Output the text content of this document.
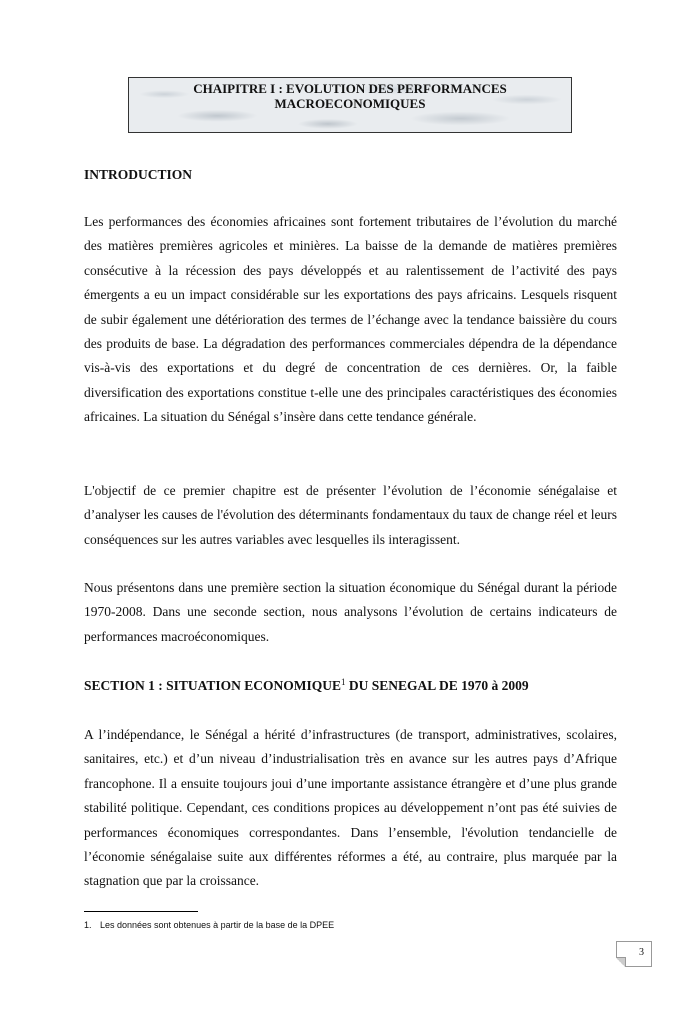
CHAIPITRE I : EVOLUTION DES PERFORMANCES
MACROECONOMIQUES
INTRODUCTION

Les performances des économies africaines sont fortement tributaires de l’évolution du marché des matières premières agricoles et minières. La baisse de la demande de matières premières consécutive à la récession des pays développés et au ralentissement de l’activité des pays émergents a eu un impact considérable sur les exportations des pays africains. Lesquels risquent de subir également une détérioration des termes de l’échange avec la tendance baissière du cours des produits de base. La dégradation des performances commerciales dépendra de la dépendance vis-à-vis des exportations et du degré de concentration de ces dernières. Or, la faible diversification des exportations constitue t-elle une des principales caractéristiques des économies africaines. La situation du Sénégal s’insère dans cette tendance générale.

L'objectif de ce premier chapitre est de présenter l’évolution de l’économie sénégalaise et d’analyser les causes de l'évolution des déterminants fondamentaux du taux de change réel et leurs conséquences sur les autres variables avec lesquelles ils interagissent.

Nous présentons dans une première section la situation économique du Sénégal durant la période 1970-2008. Dans une seconde section, nous analysons l’évolution de certains indicateurs de performances macroéconomiques.

SECTION 1 : SITUATION ECONOMIQUE$^1$ DU SENEGAL DE 1970 à 2009

A l’indépendance, le Sénégal a hérité d’infrastructures (de transport, administratives, scolaires, sanitaires, etc.) et d’un niveau d’industrialisation très en avance sur les autres pays d’Afrique francophone. Il a ensuite toujours joui d’une importante assistance étrangère et d’une plus grande stabilité politique. Cependant, ces conditions propices au développement n’ont pas été suivies de performances économiques correspondantes. Dans l’ensemble, l'évolution tendancielle de l’économie sénégalaise suite aux différentes réformes a été, au contraire, plus marquée par la stagnation que par la croissance.

1. Les données sont obtenues à partir de la base de la DPEE
3
